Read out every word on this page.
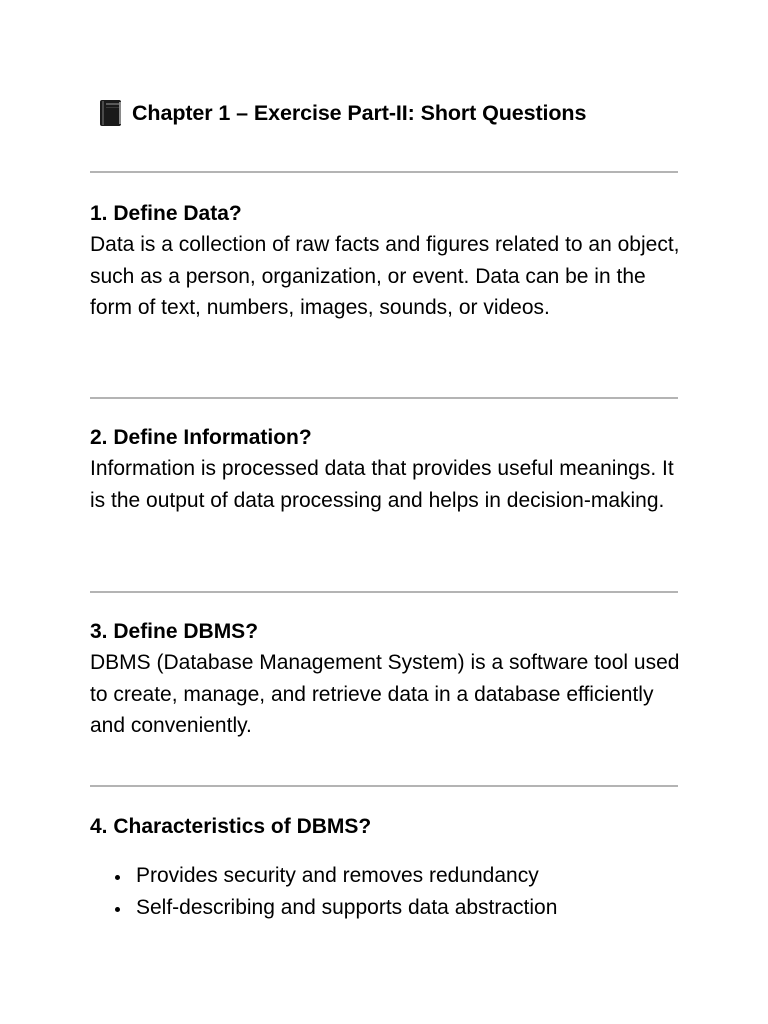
Chapter 1 – Exercise Part-II: Short Questions

1. Define Data?

Data is a collection of raw facts and figures related to an object, such as a person, organization, or event. Data can be in the form of text, numbers, images, sounds, or videos.

2. Define Information?

Information is processed data that provides useful meanings. It is the output of data processing and helps in decision-making.

3. Define DBMS?

DBMS (Database Management System) is a software tool used to create, manage, and retrieve data in a database efficiently and conveniently.

4. Characteristics of DBMS?

Provides security and removes redundancy
Self-describing and supports data abstraction
